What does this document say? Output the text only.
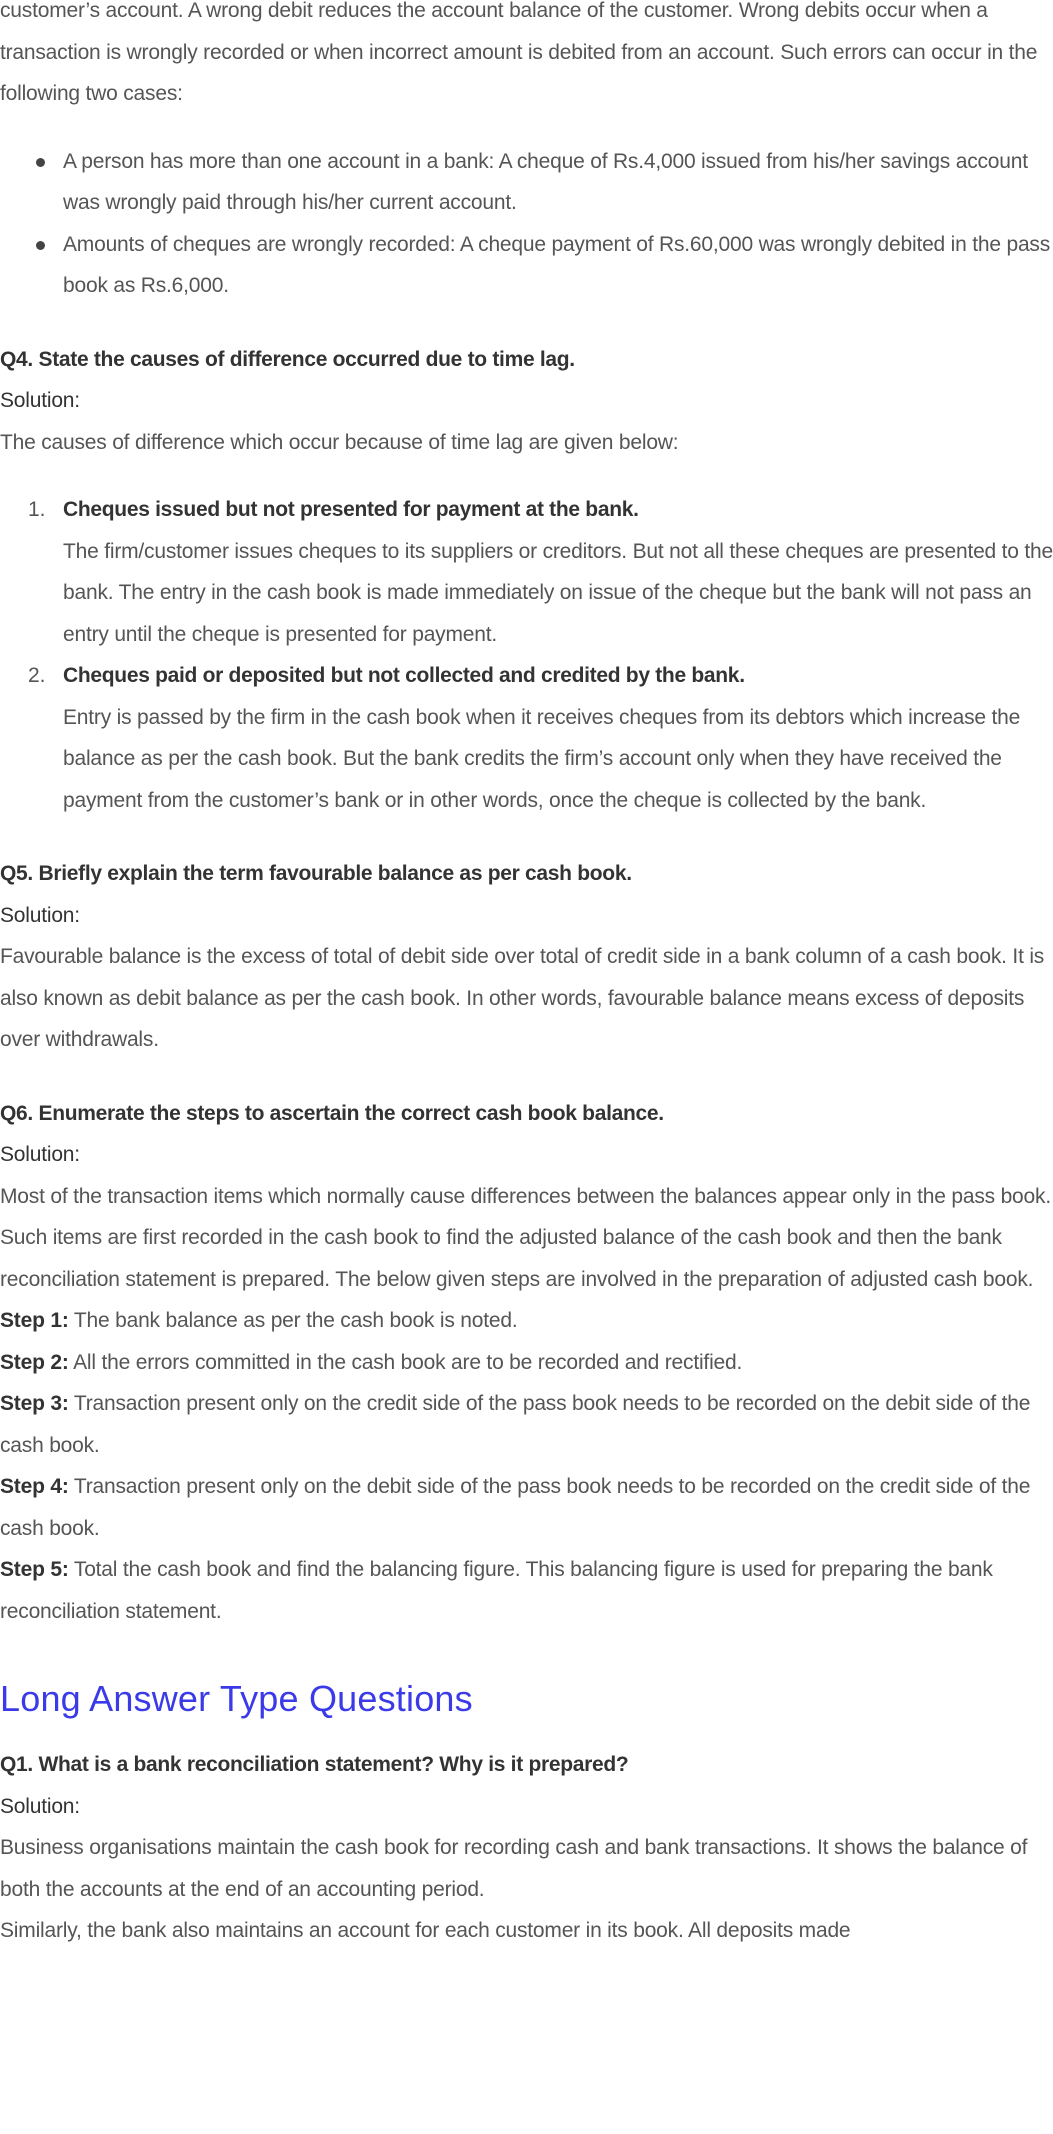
customer’s account. A wrong debit reduces the account balance of the customer. Wrong debits occur when a transaction is wrongly recorded or when incorrect amount is debited from an account. Such errors can occur in the following two cases:

A person has more than one account in a bank: A cheque of Rs.4,000 issued from his/her savings account was wrongly paid through his/her current account.
Amounts of cheques are wrongly recorded: A cheque payment of Rs.60,000 was wrongly debited in the pass book as Rs.6,000.

Q4. State the causes of difference occurred due to time lag.

Solution:

The causes of difference which occur because of time lag are given below:

1. Cheques issued but not presented for payment at the bank.
The firm/customer issues cheques to its suppliers or creditors. But not all these cheques are presented to the bank. The entry in the cash book is made immediately on issue of the cheque but the bank will not pass an entry until the cheque is presented for payment.
2. Cheques paid or deposited but not collected and credited by the bank.
Entry is passed by the firm in the cash book when it receives cheques from its debtors which increase the balance as per the cash book. But the bank credits the firm’s account only when they have received the payment from the customer’s bank or in other words, once the cheque is collected by the bank.

Q5. Briefly explain the term favourable balance as per cash book.

Solution:

Favourable balance is the excess of total of debit side over total of credit side in a bank column of a cash book. It is also known as debit balance as per the cash book. In other words, favourable balance means excess of deposits over withdrawals.

Q6. Enumerate the steps to ascertain the correct cash book balance.

Solution:

Most of the transaction items which normally cause differences between the balances appear only in the pass book. Such items are first recorded in the cash book to find the adjusted balance of the cash book and then the bank reconciliation statement is prepared. The below given steps are involved in the preparation of adjusted cash book.

Step 1: The bank balance as per the cash book is noted.

Step 2: All the errors committed in the cash book are to be recorded and rectified.

Step 3: Transaction present only on the credit side of the pass book needs to be recorded on the debit side of the cash book.

Step 4: Transaction present only on the debit side of the pass book needs to be recorded on the credit side of the cash book.

Step 5: Total the cash book and find the balancing figure. This balancing figure is used for preparing the bank reconciliation statement.

Long Answer Type Questions

Q1. What is a bank reconciliation statement? Why is it prepared?

Solution:

Business organisations maintain the cash book for recording cash and bank transactions. It shows the balance of both the accounts at the end of an accounting period.

Similarly, the bank also maintains an account for each customer in its book. All deposits made
